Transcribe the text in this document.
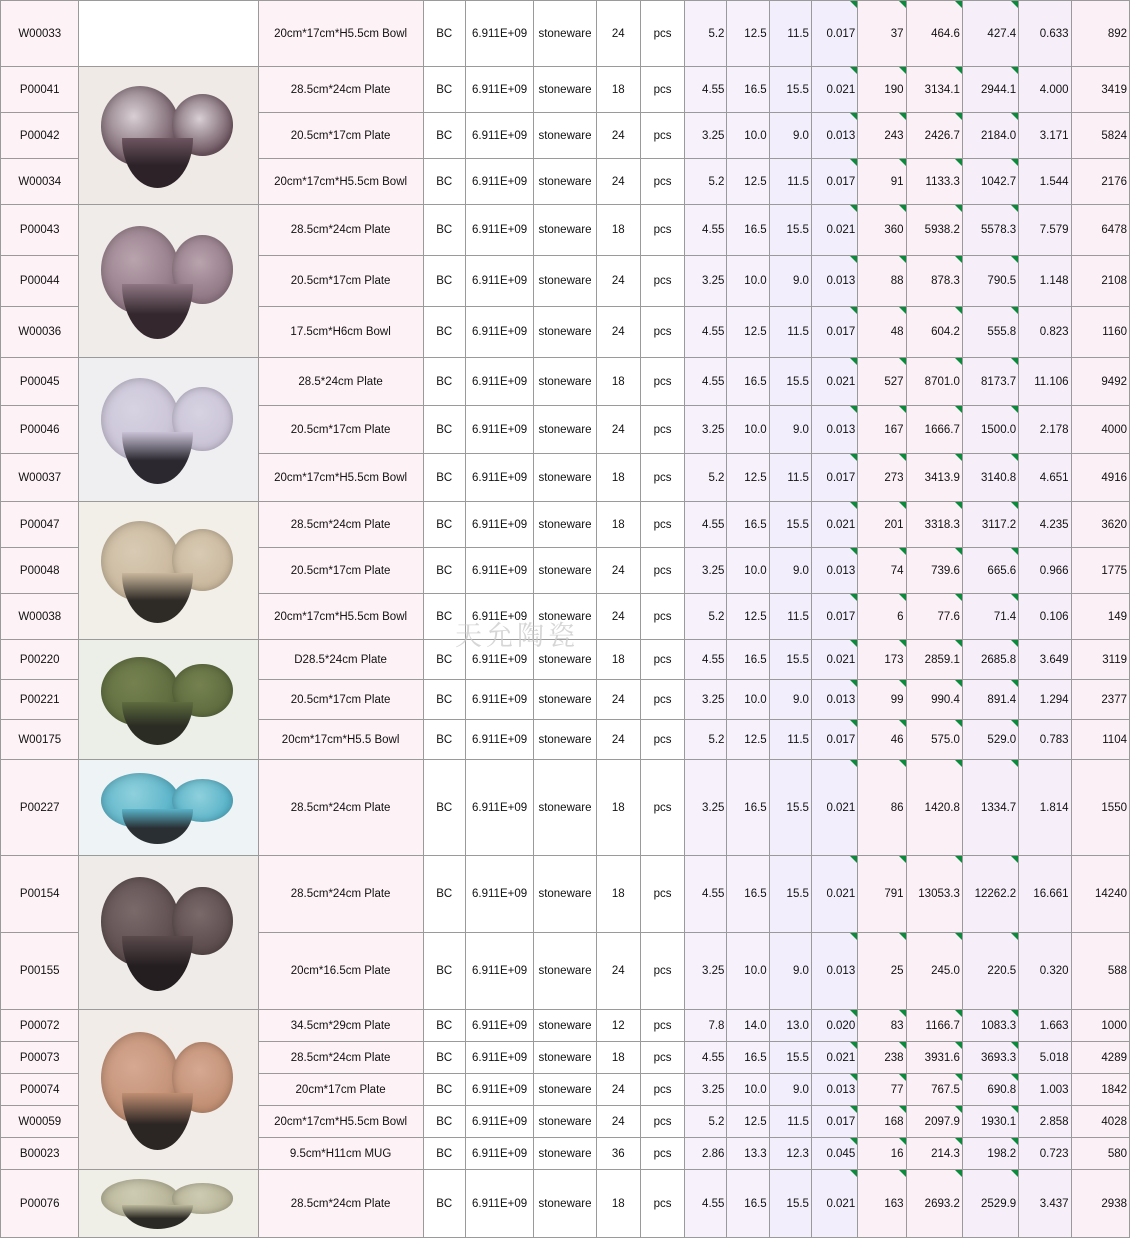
W00033		20cm*17cm*H5.5cm Bowl	BC	6.911E+09	stoneware	24	pcs	5.2	12.5	11.5	0.017	37	464.6	427.4	0.633	892
P00041		28.5cm*24cm Plate	BC	6.911E+09	stoneware	18	pcs	4.55	16.5	15.5	0.021	190	3134.1	2944.1	4.000	3419
P00042		20.5cm*17cm Plate	BC	6.911E+09	stoneware	24	pcs	3.25	10.0	9.0	0.013	243	2426.7	2184.0	3.171	5824
W00034		20cm*17cm*H5.5cm Bowl	BC	6.911E+09	stoneware	24	pcs	5.2	12.5	11.5	0.017	91	1133.3	1042.7	1.544	2176
P00043		28.5cm*24cm Plate	BC	6.911E+09	stoneware	18	pcs	4.55	16.5	15.5	0.021	360	5938.2	5578.3	7.579	6478
P00044		20.5cm*17cm Plate	BC	6.911E+09	stoneware	24	pcs	3.25	10.0	9.0	0.013	88	878.3	790.5	1.148	2108
W00036		17.5cm*H6cm Bowl	BC	6.911E+09	stoneware	24	pcs	4.55	12.5	11.5	0.017	48	604.2	555.8	0.823	1160
P00045		28.5*24cm Plate	BC	6.911E+09	stoneware	18	pcs	4.55	16.5	15.5	0.021	527	8701.0	8173.7	11.106	9492
P00046		20.5cm*17cm Plate	BC	6.911E+09	stoneware	24	pcs	3.25	10.0	9.0	0.013	167	1666.7	1500.0	2.178	4000
W00037		20cm*17cm*H5.5cm Bowl	BC	6.911E+09	stoneware	18	pcs	5.2	12.5	11.5	0.017	273	3413.9	3140.8	4.651	4916
P00047		28.5cm*24cm Plate	BC	6.911E+09	stoneware	18	pcs	4.55	16.5	15.5	0.021	201	3318.3	3117.2	4.235	3620
P00048		20.5cm*17cm Plate	BC	6.911E+09	stoneware	24	pcs	3.25	10.0	9.0	0.013	74	739.6	665.6	0.966	1775
W00038		20cm*17cm*H5.5cm Bowl	BC	6.911E+09	stoneware	24	pcs	5.2	12.5	11.5	0.017	6	77.6	71.4	0.106	149
P00220		D28.5*24cm Plate	BC	6.911E+09	stoneware	18	pcs	4.55	16.5	15.5	0.021	173	2859.1	2685.8	3.649	3119
P00221		20.5cm*17cm Plate	BC	6.911E+09	stoneware	24	pcs	3.25	10.0	9.0	0.013	99	990.4	891.4	1.294	2377
W00175		20cm*17cm*H5.5 Bowl	BC	6.911E+09	stoneware	24	pcs	5.2	12.5	11.5	0.017	46	575.0	529.0	0.783	1104
P00227		28.5cm*24cm Plate	BC	6.911E+09	stoneware	18	pcs	3.25	16.5	15.5	0.021	86	1420.8	1334.7	1.814	1550
P00154		28.5cm*24cm Plate	BC	6.911E+09	stoneware	18	pcs	4.55	16.5	15.5	0.021	791	13053.3	12262.2	16.661	14240
P00155		20cm*16.5cm Plate	BC	6.911E+09	stoneware	24	pcs	3.25	10.0	9.0	0.013	25	245.0	220.5	0.320	588
P00072		34.5cm*29cm Plate	BC	6.911E+09	stoneware	12	pcs	7.8	14.0	13.0	0.020	83	1166.7	1083.3	1.663	1000
P00073		28.5cm*24cm Plate	BC	6.911E+09	stoneware	18	pcs	4.55	16.5	15.5	0.021	238	3931.6	3693.3	5.018	4289
P00074		20cm*17cm Plate	BC	6.911E+09	stoneware	24	pcs	3.25	10.0	9.0	0.013	77	767.5	690.8	1.003	1842
W00059		20cm*17cm*H5.5cm Bowl	BC	6.911E+09	stoneware	24	pcs	5.2	12.5	11.5	0.017	168	2097.9	1930.1	2.858	4028
B00023		9.5cm*H11cm MUG	BC	6.911E+09	stoneware	36	pcs	2.86	13.3	12.3	0.045	16	214.3	198.2	0.723	580
P00076		28.5cm*24cm Plate	BC	6.911E+09	stoneware	18	pcs	4.55	16.5	15.5	0.021	163	2693.2	2529.9	3.437	2938
天允陶瓷
